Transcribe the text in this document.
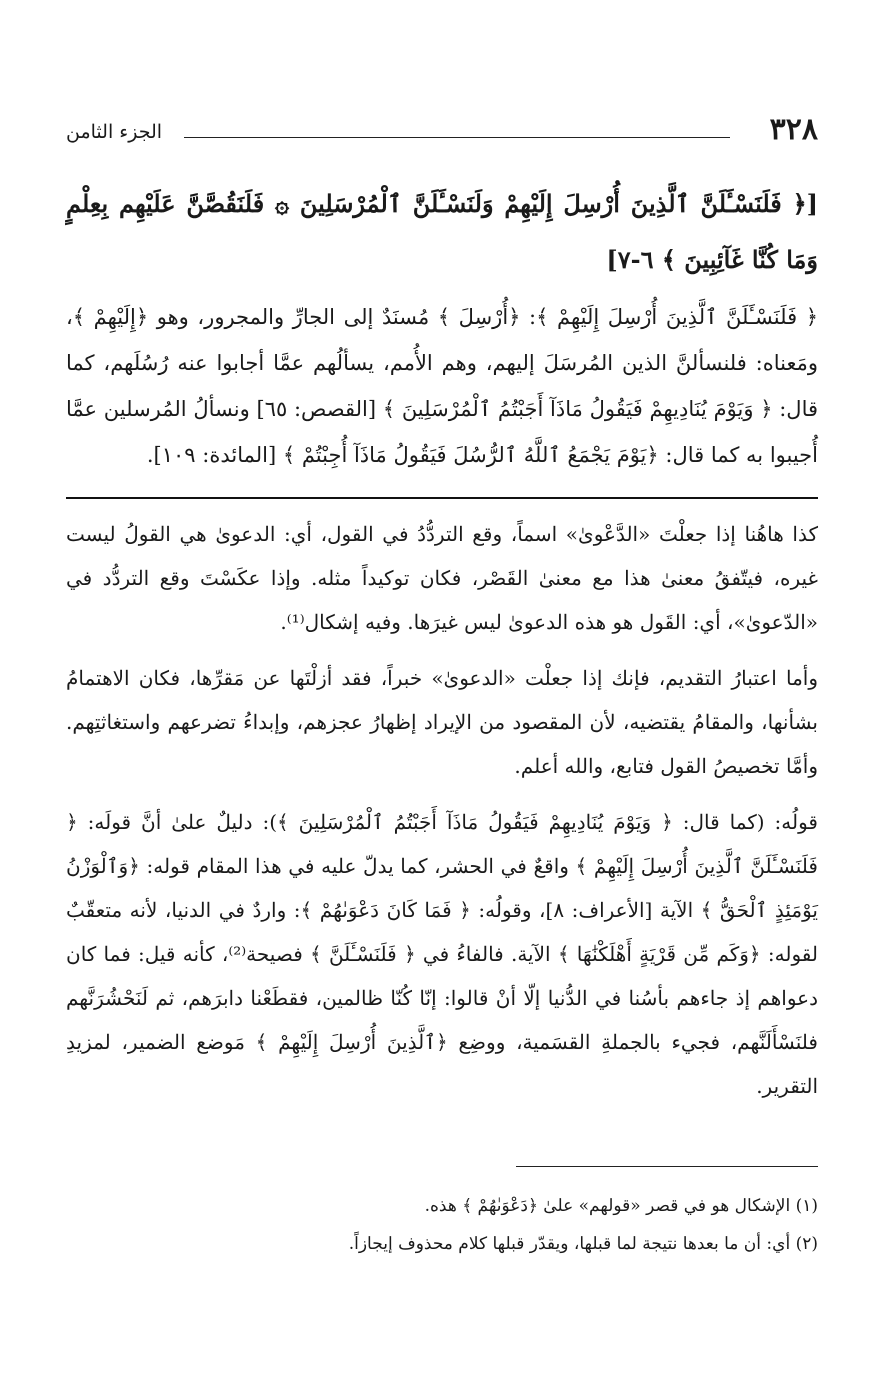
٣٢٨
الجزء الثامن
[﴿ فَلَنَسْـَٔلَنَّ ٱلَّذِينَ أُرْسِلَ إِلَيْهِمْ وَلَنَسْـَٔلَنَّ ٱلْمُرْسَلِينَ ۞ فَلَنَقُصَّنَّ عَلَيْهِم بِعِلْمٍ وَمَا كُنَّا غَآئِبِينَ ﴾ ٦-٧]
﴿ فَلَنَسْـَٔلَنَّ ٱلَّذِينَ أُرْسِلَ إِلَيْهِمْ ﴾: ﴿أُرْسِلَ ﴾ مُسنَدٌ إلى الجارِّ والمجرور، وهو ﴿إِلَيْهِمْ ﴾، ومَعناه: فلنسألنَّ الذين المُرسَلَ إليهم، وهم الأُمم، يسألُهم عمَّا أجابوا عنه رُسُلَهم، كما قال: ﴿ وَيَوْمَ يُنَادِيهِمْ فَيَقُولُ مَاذَآ أَجَبْتُمُ ٱلْمُرْسَلِينَ ﴾ [القصص: ٦٥] ونسألُ المُرسلين عمَّا أُجيبوا به كما قال: ﴿يَوْمَ يَجْمَعُ ٱللَّهُ ٱلرُّسُلَ فَيَقُولُ مَاذَآ أُجِبْتُمْ ﴾ [المائدة: ١٠٩].

كذا هاهُنا إذا جعلْتَ «الدَّعْوىٰ» اسماً، وقع التردُّدُ في القول، أي: الدعوىٰ هي القولُ ليست غيره، فيتّفقُ معنىٰ هذا مع معنىٰ القَصْر، فكان توكيداً مثله. وإذا عكَسْتَ وقع التردُّد في «الدّعوىٰ»، أي: القَول هو هذه الدعوىٰ ليس غيرَها. وفيه إشكال⁽¹⁾.

وأما اعتبارُ التقديم، فإنك إذا جعلْت «الدعوىٰ» خبراً، فقد أزلْتَها عن مَقرِّها، فكان الاهتمامُ بشأنها، والمقامُ يقتضيه، لأن المقصود من الإيراد إظهارُ عجزهم، وإبداءُ تضرعهم واستغاثتِهم. وأمَّا تخصيصُ القول فتابع، والله أعلم.

قولُه: (كما قال: ﴿ وَيَوْمَ يُنَادِيهِمْ فَيَقُولُ مَاذَآ أَجَبْتُمُ ٱلْمُرْسَلِينَ ﴾): دليلٌ علىٰ أنَّ قولَه: ﴿ فَلَنَسْـَٔلَنَّ ٱلَّذِينَ أُرْسِلَ إِلَيْهِمْ ﴾ واقعٌ في الحشر، كما يدلّ عليه في هذا المقام قوله: ﴿وَٱلْوَزْنُ يَوْمَئِذٍ ٱلْحَقُّ ﴾ الآية [الأعراف: ٨]، وقولُه: ﴿ فَمَا كَانَ دَعْوَىٰهُمْ ﴾: واردٌ في الدنيا، لأنه متعقّبٌ لقوله: ﴿وَكَم مِّن قَرْيَةٍ أَهْلَكْنَٰهَا ﴾ الآية. فالفاءُ في ﴿ فَلَنَسْـَٔلَنَّ ﴾ فصيحة⁽²⁾، كأنه قيل: فما كان دعواهم إذ جاءهم بأسُنا في الدُّنيا إلّا أنْ قالوا: إنّا كُنّا ظالمين، فقطَعْنا دابرَهم، ثم لَنَحْشُرَنَّهم فلنَسْأَلَنَّهم، فجيء بالجملةِ القسَمية، ووضِع ﴿ٱلَّذِينَ أُرْسِلَ إِلَيْهِمْ ﴾ مَوضع الضمير، لمزيدِ التقرير.

(١) الإشكال هو في قصر «قولهم» علىٰ ﴿دَعْوَىٰهُمْ ﴾ هذه.

(٢) أي: أن ما بعدها نتيجة لما قبلها، ويقدّر قبلها كلام محذوف إيجازاً.
